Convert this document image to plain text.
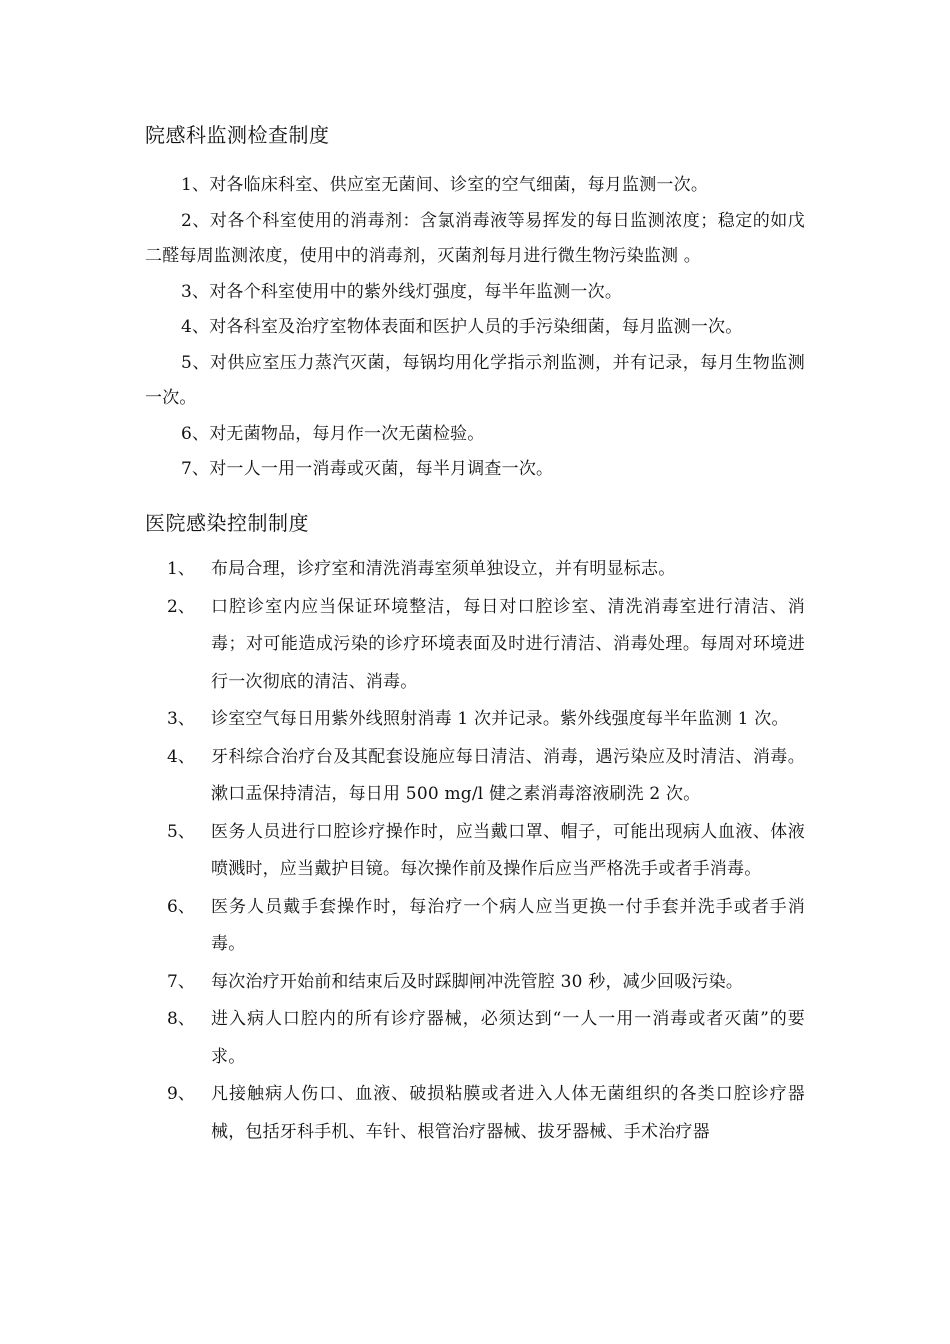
院感科监测检查制度

1、对各临床科室、供应室无菌间、诊室的空气细菌，每月监测一次。

2、对各个科室使用的消毒剂：含氯消毒液等易挥发的每日监测浓度；稳定的如戊二醛每周监测浓度，使用中的消毒剂，灭菌剂每月进行微生物污染监测 。

3、对各个科室使用中的紫外线灯强度，每半年监测一次。

4、对各科室及治疗室物体表面和医护人员的手污染细菌，每月监测一次。

5、对供应室压力蒸汽灭菌，每锅均用化学指示剂监测，并有记录，每月生物监测一次。

6、对无菌物品，每月作一次无菌检验。

7、对一人一用一消毒或灭菌，每半月调查一次。

医院感染控制制度
1、 布局合理，诊疗室和清洗消毒室须单独设立，并有明显标志。
2、 口腔诊室内应当保证环境整洁，每日对口腔诊室、清洗消毒室进行清洁、消毒；对可能造成污染的诊疗环境表面及时进行清洁、消毒处理。每周对环境进行一次彻底的清洁、消毒。
3、 诊室空气每日用紫外线照射消毒 1 次并记录。紫外线强度每半年监测 1 次。
4、 牙科综合治疗台及其配套设施应每日清洁、消毒，遇污染应及时清洁、消毒。漱口盂保持清洁，每日用 500 mg/l 健之素消毒溶液刷洗 2 次。
5、 医务人员进行口腔诊疗操作时，应当戴口罩、帽子，可能出现病人血液、体液喷溅时，应当戴护目镜。每次操作前及操作后应当严格洗手或者手消毒。
6、 医务人员戴手套操作时，每治疗一个病人应当更换一付手套并洗手或者手消毒。
7、 每次治疗开始前和结束后及时踩脚闸冲洗管腔 30 秒，减少回吸污染。
8、 进入病人口腔内的所有诊疗器械，必须达到“一人一用一消毒或者灭菌”的要求。
9、 凡接触病人伤口、血液、破损粘膜或者进入人体无菌组织的各类口腔诊疗器械，包括牙科手机、车针、根管治疗器械、拔牙器械、手术治疗器
